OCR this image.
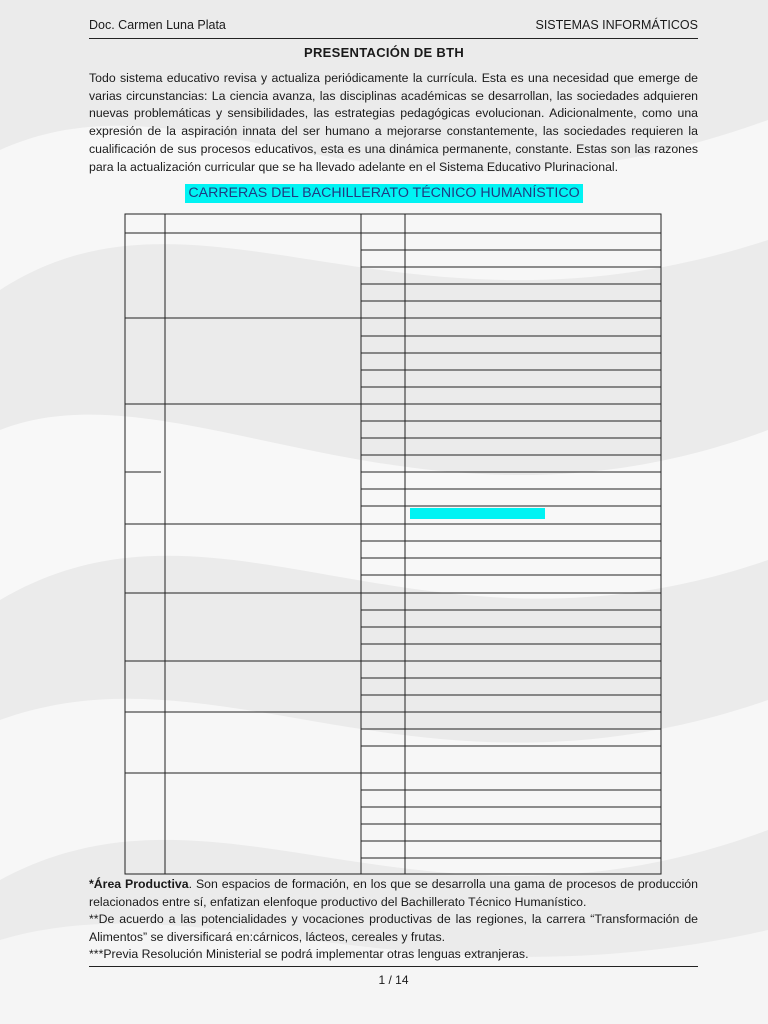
Doc. Carmen Luna Plata	SISTEMAS INFORMÁTICOS
PRESENTACIÓN DE BTH
Todo sistema educativo revisa y actualiza periódicamente la currícula. Esta es una necesidad que emerge de varias circunstancias: La ciencia avanza, las disciplinas académicas se desarrollan, las sociedades adquieren nuevas problemáticas y sensibilidades, las estrategias pedagógicas evolucionan. Adicionalmente, como una expresión de la aspiración innata del ser humano a mejorarse constantemente, las sociedades requieren la cualificación de sus procesos educativos, esta es una dinámica permanente, constante. Estas son las razones para la actualización curricular que se ha llevado adelante en el Sistema Educativo Plurinacional.
CARRERAS DEL BACHILLERATO TÉCNICO HUMANÍSTICO

*Área Productiva. Son espacios de formación, en los que se desarrolla una gama de procesos de producción relacionados entre sí, enfatizan elenfoque productivo del Bachillerato Técnico Humanístico.

**De acuerdo a las potencialidades y vocaciones productivas de las regiones, la carrera “Transformación de Alimentos” se diversificará en:cárnicos, lácteos, cereales y frutas.

***Previa Resolución Ministerial se podrá implementar otras lenguas extranjeras.

1 / 14
